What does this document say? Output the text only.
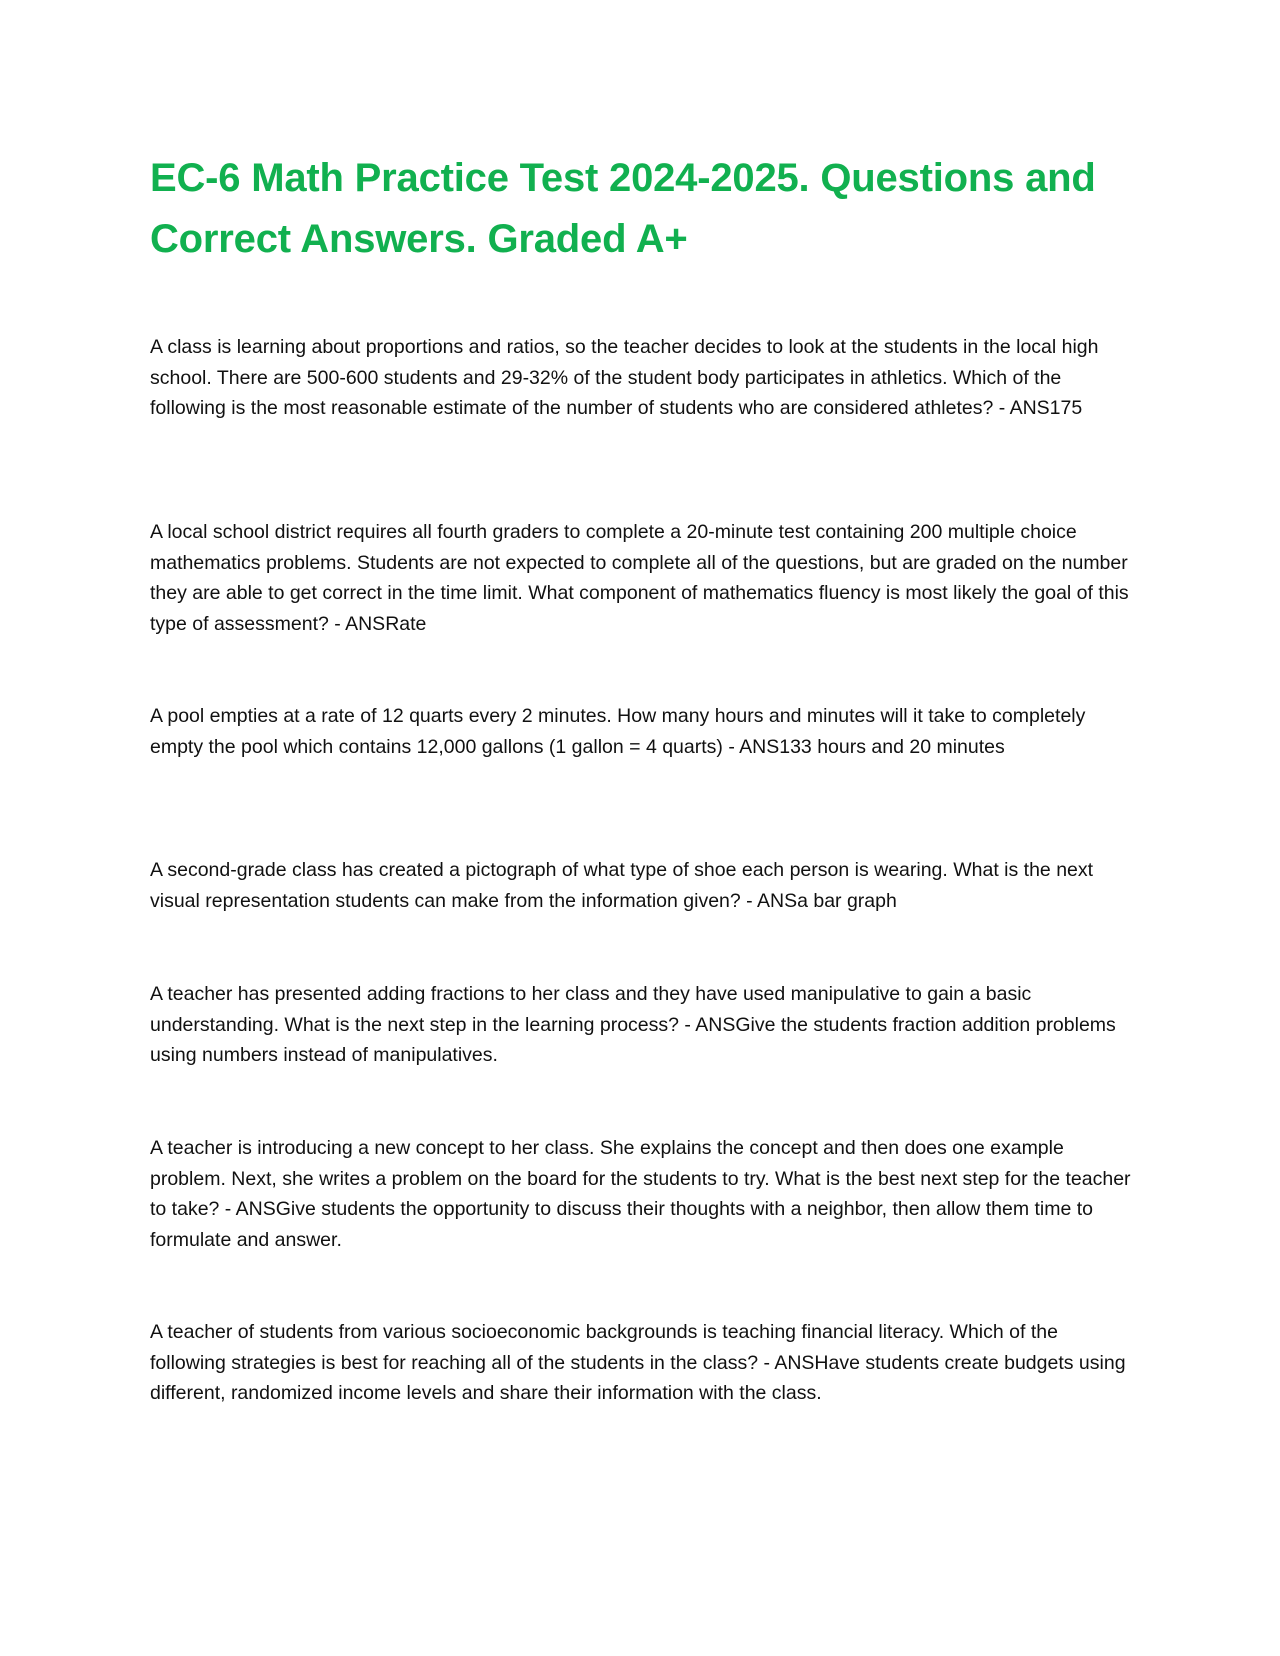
EC-6 Math Practice Test 2024-2025. Questions and Correct Answers. Graded A+
A class is learning about proportions and ratios, so the teacher decides to look at the students in the local high school. There are 500-600 students and 29-32% of the student body participates in athletics. Which of the following is the most reasonable estimate of the number of students who are considered athletes? - ANS175
A local school district requires all fourth graders to complete a 20-minute test containing 200 multiple choice mathematics problems. Students are not expected to complete all of the questions, but are graded on the number they are able to get correct in the time limit. What component of mathematics fluency is most likely the goal of this type of assessment? - ANSRate
A pool empties at a rate of 12 quarts every 2 minutes. How many hours and minutes will it take to completely empty the pool which contains 12,000 gallons (1 gallon = 4 quarts) - ANS133 hours and 20 minutes
A second-grade class has created a pictograph of what type of shoe each person is wearing. What is the next visual representation students can make from the information given? - ANSa bar graph
A teacher has presented adding fractions to her class and they have used manipulative to gain a basic understanding. What is the next step in the learning process? - ANSGive the students fraction addition problems using numbers instead of manipulatives.
A teacher is introducing a new concept to her class. She explains the concept and then does one example problem. Next, she writes a problem on the board for the students to try. What is the best next step for the teacher to take? - ANSGive students the opportunity to discuss their thoughts with a neighbor, then allow them time to formulate and answer.
A teacher of students from various socioeconomic backgrounds is teaching financial literacy. Which of the following strategies is best for reaching all of the students in the class? - ANSHave students create budgets using different, randomized income levels and share their information with the class.
